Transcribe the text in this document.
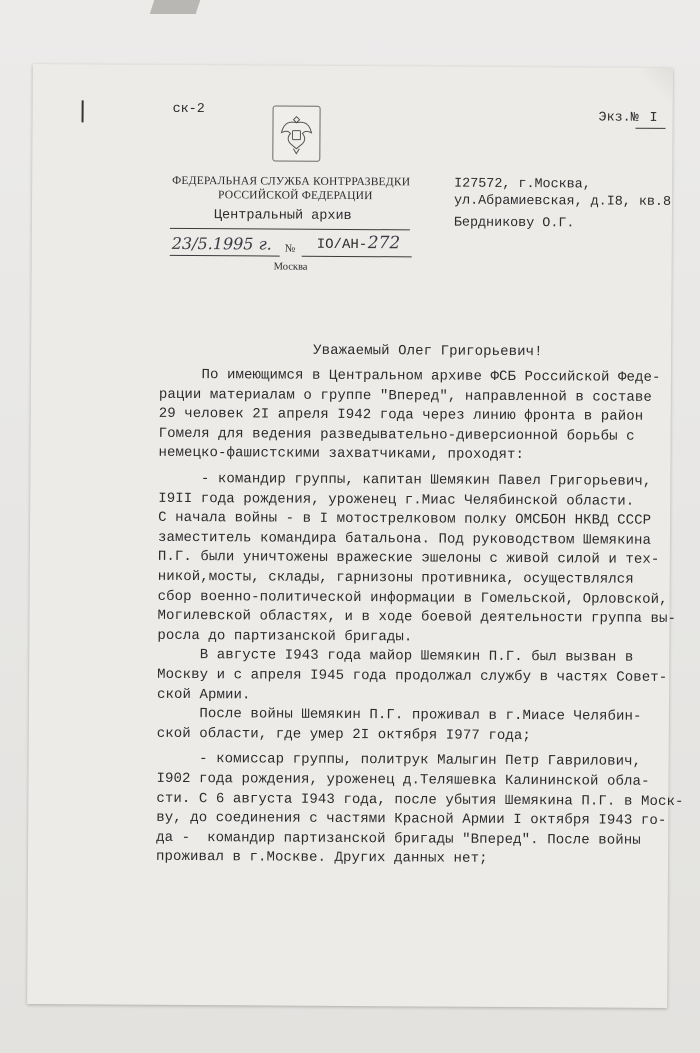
ск-2
Экз.№ I
ФЕДЕРАЛЬНАЯ СЛУЖБА КОНТРРАЗВЕДКИ
РОССИЙСКОЙ ФЕДЕРАЦИИ
Центральный архив
23/5.1995 г. № IO/АН- 272
Москва
I27572, г.Москва,
ул.Абрамиевская, д.I8, кв.8
Бердникову О.Г.
Уважаемый Олег Григорьевич!
По имеющимся в Центральном архиве ФСБ Российской Феде-
рации материалам о группе "Вперед", направленной в составе
29 человек 2I апреля I942 года через линию фронта в район
Гомеля для ведения разведывательно-диверсионной борьбы с
немецко-фашистскими захватчиками, проходят:
- командир группы, капитан Шемякин Павел Григорьевич,
I9II года рождения, уроженец г.Миас Челябинской области.
С начала войны - в I мотострелковом полку ОМСБОН НКВД СССР
заместитель командира батальона. Под руководством Шемякина
П.Г. были уничтожены вражеские эшелоны с живой силой и тех-
никой,мосты, склады, гарнизоны противника, осуществлялся
сбор военно-политической информации в Гомельской, Орловской,
Могилевской областях, и в ходе боевой деятельности группа вы-
росла до партизанской бригады.
В августе I943 года майор Шемякин П.Г. был вызван в
Москву и с апреля I945 года продолжал службу в частях Совет-
ской Армии.
После войны Шемякин П.Г. проживал в г.Миасе Челябин-
ской области, где умер 2I октября I977 года;
- комиссар группы, политрук Малыгин Петр Гаврилович,
I902 года рождения, уроженец д.Теляшевка Калининской обла-
сти. С 6 августа I943 года, после убытия Шемякина П.Г. в Моск-
ву, до соединения с частями Красной Армии I октября I943 го-
да -  командир партизанской бригады "Вперед". После войны
проживал в г.Москве. Других данных нет;
